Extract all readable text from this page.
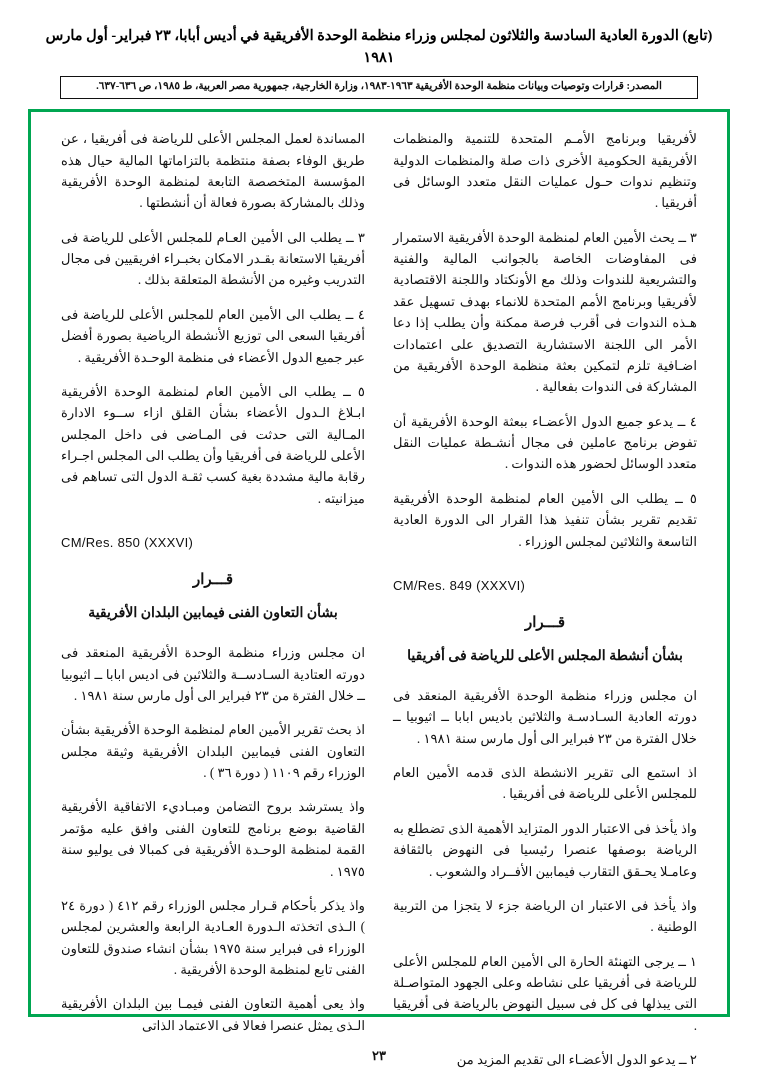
(تابع) الدورة العادية السادسة والثلاثون لمجلس وزراء منظمة الوحدة الأفريقية في أديس أبابا، ٢٣ فبراير- أول مارس ١٩٨١
المصدر: قرارات وتوصيات وبيانات منظمة الوحدة الأفريقية ١٩٦٣-١٩٨٣، وزارة الخارجية، جمهورية مصر العربية، ط ١٩٨٥، ص ٦٣٦-٦٣٧.

لأفريقيا وبرنامج الأمـم المتحدة للتنمية والمنظمات الأفريقية الحكومية الأخرى ذات صلة والمنظمات الدولية وتنظيم ندوات حـول عمليات النقل متعدد الوسائل فى أفريقيا .

٣ ــ يحث الأمين العام لمنظمة الوحدة الأفريقية الاستمرار فى المفاوضات الخاصة بالجوانب المالية والفنية والتشريعية للندوات وذلك مع الأونكتاد واللجنة الاقتصادية لأفريقيا وبرنامج الأمم المتحدة للانماء بهدف تسهيل عقد هـذه الندوات فى أقرب فرصة ممكنة وأن يطلب إذا دعا الأمر الى اللجنة الاستشارية التصديق على اعتمادات اضـافية تلزم لتمكين بعثة منظمة الوحدة الأفريقية من المشاركة فى الندوات بفعالية .

٤ ــ يدعو جميع الدول الأعضـاء ببعثة الوحدة الأفريقية أن تفوض برنامج عاملين فى مجال أنشـطة عمليات النقل متعدد الوسائل لحضور هذه الندوات .

٥ ــ يطلب الى الأمين العام لمنظمة الوحدة الأفريقية تقديم تقرير بشأن تنفيذ هذا القرار الى الدورة العادية التاسعة والثلاثين لمجلس الوزراء .

CM/Res. 849 (XXXVI)
قـــرار
بشأن أنشطة المجلس الأعلى للرياضة فى أفريقيا

ان مجلس وزراء منظمة الوحدة الأفريقية المنعقد فى دورته العادية السـادسـة والثلاثين باديس ابابا ــ اثيوبيا ــ خلال الفترة من ٢٣ فبراير الى أول مارس سنة ١٩٨١ .

اذ استمع الى تقرير الانشطة الذى قدمه الأمين العام للمجلس الأعلى للرياضة فى أفريقيا .

واذ يأخذ فى الاعتبار الدور المتزايد الأهمية الذى تضطلع به الرياضة بوصفها عنصرا رئيسيا فى النهوض بالثقافة وعامـلا يحـقق التقارب فيمابين الأفــراد والشعوب .

واذ يأخذ فى الاعتبار ان الرياضة جزء لا يتجزا من التربية الوطنية .

١ ــ يرجى التهنئة الحارة الى الأمين العام للمجلس الأعلى للرياضة فى أفريقيا على نشاطه وعلى الجهود المتواصـلة التى يبذلها فى كل فى سبيل النهوض بالرياضة فى أفريقيا .

٢ ــ يدعو الدول الأعضـاء الى تقديم المزيد من

المساندة لعمل المجلس الأعلى للرياضة فى أفريقيا ، عن طريق الوفاء بصفة منتظمة بالتزاماتها المالية حيال هذه المؤسسة المتخصصة التابعة لمنظمة الوحدة الأفريقية وذلك بالمشاركة بصورة فعالة أن أنشطتها .

٣ ــ يطلب الى الأمين العـام للمجلس الأعلى للرياضة فى أفريقيا الاستعانة بقـدر الامكان بخبـراء افريقيين فى مجال التدريب وغيره من الأنشطة المتعلقة بذلك .

٤ ــ يطلب الى الأمين العام للمجلس الأعلى للرياضة فى أفريقيا السعى الى توزيع الأنشطة الرياضية بصورة أفضل عبر جميع الدول الأعضاء فى منظمة الوحـدة الأفريقية .

٥ ــ يطلب الى الأمين العام لمنظمة الوحدة الأفريقية ابـلاغ الـدول الأعضاء بشأن القلق ازاء ســوء الادارة المـالية التى حدثت فى المـاضى فى داخل المجلس الأعلى للرياضة فى أفريقيا وأن يطلب الى المجلس اجـراء رقابة مالية مشددة بغية كسب ثقـة الدول التى تساهم فى ميزانيته .

CM/Res. 850 (XXXVI)
قـــرار
بشأن التعاون الفنى فيمابين البلدان الأفريقية

ان مجلس وزراء منظمة الوحدة الأفريقية المنعقد فى دورته العتادية السـادســة والثلاثين فى اديس ابابا ــ اثيوبيا ــ خلال الفترة من ٢٣ فبراير الى أول مارس سنة ١٩٨١ .

اذ بحث تقرير الأمين العام لمنظمة الوحدة الأفريقية بشأن التعاون الفنى فيمابين البلدان الأفريقية وثيقة مجلس الوزراء رقم ١١٠٩ ( دورة ٣٦ ) .

واذ يسترشد بروح التضامن ومبـاديء الاتفاقية الأفريقية القاضية بوضع برنامج للتعاون الفنى وافق عليه مؤتمر القمة لمنظمة الوحـدة الأفريقية فى كمبالا فى يوليو سنة ١٩٧٥ .

واذ يذكر بأحكام قـرار مجلس الوزراء رقم ٤١٢ ( دورة ٢٤ ) الـذى اتخذته الـدورة العـادية الرابعة والعشرين لمجلس الوزراء فى فبراير سنة ١٩٧٥ بشأن انشاء صندوق للتعاون الفنى تابع لمنظمة الوحدة الأفريقية .

واذ يعى أهمية التعاون الفنى فيمـا بين البلدان الأفريقية الـذى يمثل عنصرا فعالا فى الاعتماد الذاتى

٢٣
